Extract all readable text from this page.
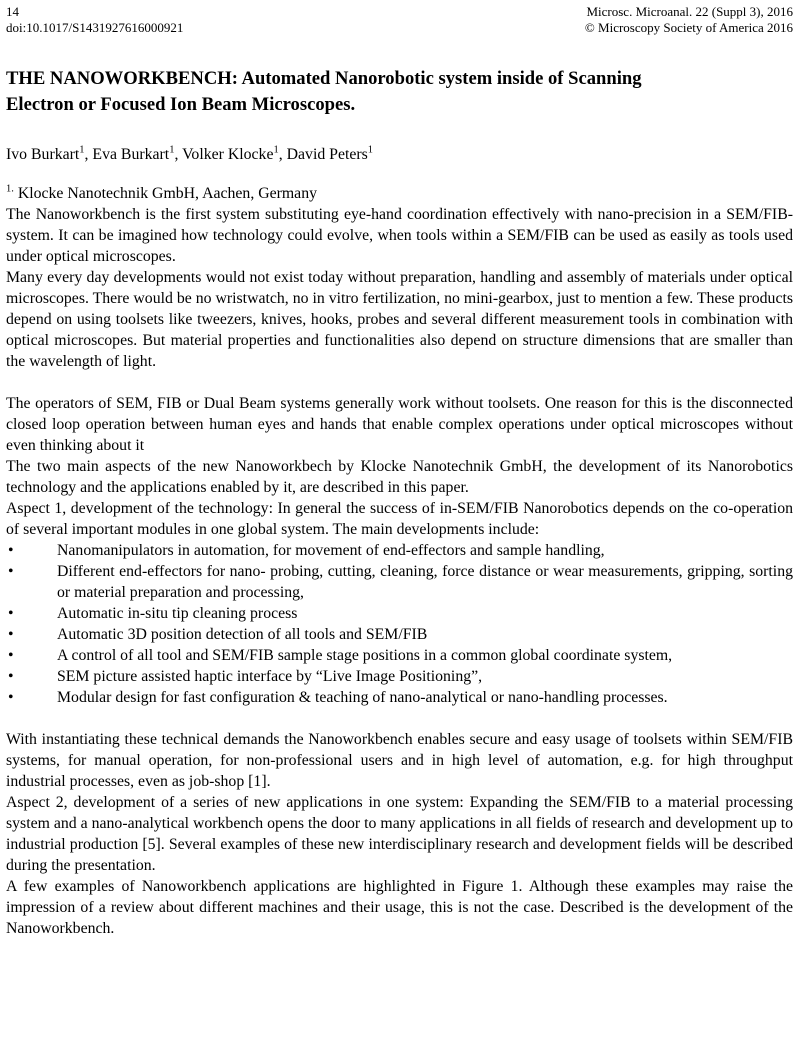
14
doi:10.1017/S1431927616000921
Microsc. Microanal. 22 (Suppl 3), 2016
© Microscopy Society of America 2016
THE NANOWORKBENCH: Automated Nanorobotic system inside of Scanning
Electron or Focused Ion Beam Microscopes.
Ivo Burkart$^1$, Eva Burkart$^1$, Volker Klocke$^1$, David Peters$^1$
$^{1.}$ Klocke Nanotechnik GmbH, Aachen, Germany

The Nanoworkbench is the first system substituting eye-hand coordination effectively with nano-precision in a SEM/FIB-system. It can be imagined how technology could evolve, when tools within a SEM/FIB can be used as easily as tools used under optical microscopes.

Many every day developments would not exist today without preparation, handling and assembly of materials under optical microscopes. There would be no wristwatch, no in vitro fertilization, no mini-gearbox, just to mention a few. These products depend on using toolsets like tweezers, knives, hooks, probes and several different measurement tools in combination with optical microscopes. But material properties and functionalities also depend on structure dimensions that are smaller than the wavelength of light.

The operators of SEM, FIB or Dual Beam systems generally work without toolsets. One reason for this is the disconnected closed loop operation between human eyes and hands that enable complex operations under optical microscopes without even thinking about it

The two main aspects of the new Nanoworkbech by Klocke Nanotechnik GmbH, the development of its Nanorobotics technology and the applications enabled by it, are described in this paper.

Aspect 1, development of the technology: In general the success of in-SEM/FIB Nanorobotics depends on the co-operation of several important modules in one global system. The main developments include:

•	Nanomanipulators in automation, for movement of end-effectors and sample handling,
•	Different end-effectors for nano- probing, cutting, cleaning, force distance or wear measurements, gripping, sorting or material preparation and processing,
•	Automatic in-situ tip cleaning process
•	Automatic 3D position detection of all tools and SEM/FIB
•	A control of all tool and SEM/FIB sample stage positions in a common global coordinate system,
•	SEM picture assisted haptic interface by “Live Image Positioning”,
•	Modular design for fast configuration & teaching of nano-analytical or nano-handling processes.

With instantiating these technical demands the Nanoworkbench enables secure and easy usage of toolsets within SEM/FIB systems, for manual operation, for non-professional users and in high level of automation, e.g. for high throughput industrial processes, even as job-shop [1].

Aspect 2, development of a series of new applications in one system: Expanding the SEM/FIB to a material processing system and a nano-analytical workbench opens the door to many applications in all fields of research and development up to industrial production [5]. Several examples of these new interdisciplinary research and development fields will be described during the presentation.

A few examples of Nanoworkbench applications are highlighted in Figure 1. Although these examples may raise the impression of a review about different machines and their usage, this is not the case. Described is the development of the Nanoworkbench.
